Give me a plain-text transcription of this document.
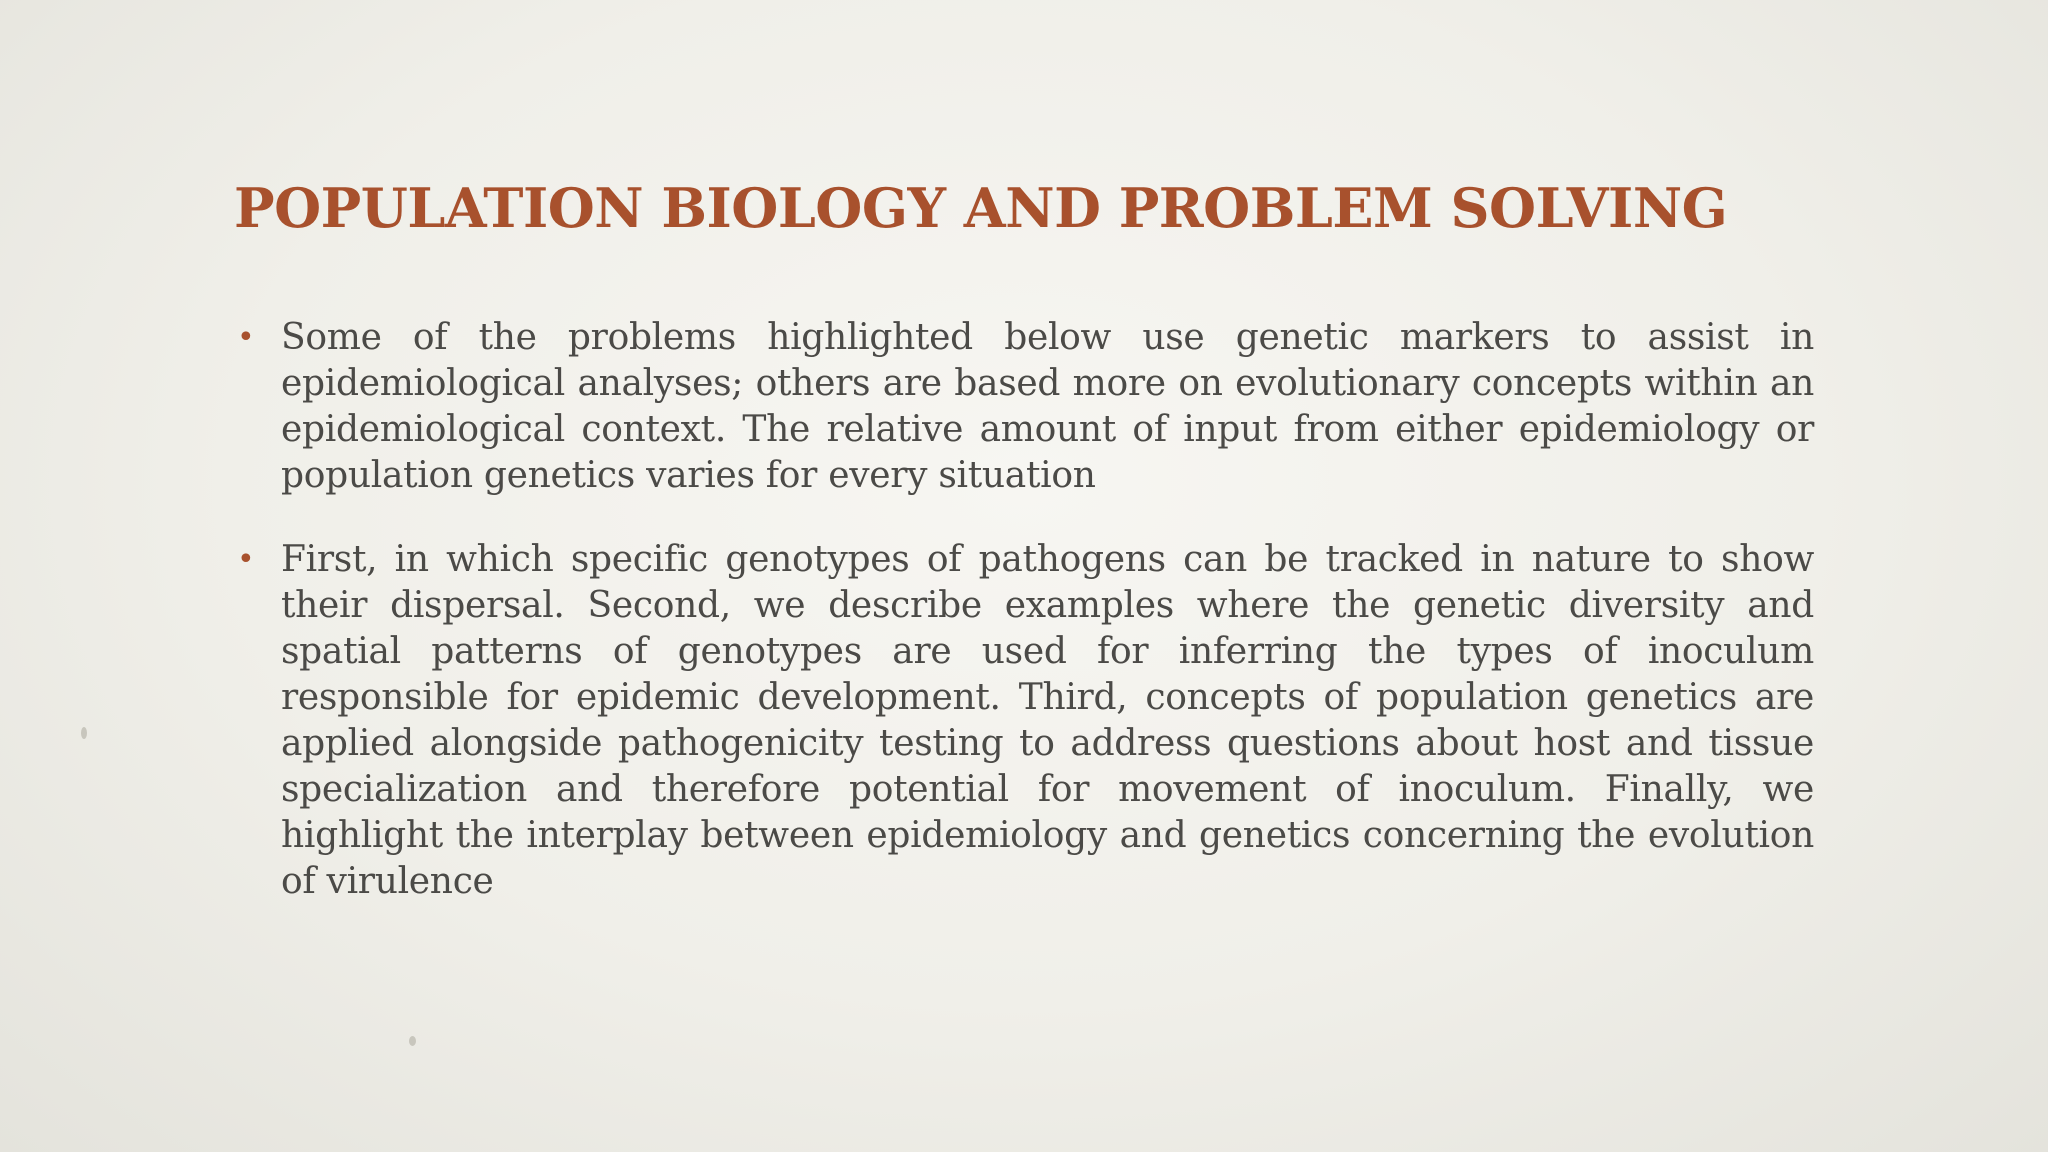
POPULATION BIOLOGY AND PROBLEM SOLVING
• Some of the problems highlighted below use genetic markers to assist in epidemiological analyses; others are based more on evolutionary concepts within an epidemiological context. The relative amount of input from either epidemiology or population genetics varies for every situation
• First, in which specific genotypes of pathogens can be tracked in nature to show their dispersal. Second, we describe examples where the genetic diversity and spatial patterns of genotypes are used for inferring the types of inoculum responsible for epidemic development. Third, concepts of population genetics are applied alongside pathogenicity testing to address questions about host and tissue specialization and therefore potential for movement of inoculum. Finally, we highlight the interplay between epidemiology and genetics concerning the evolution of virulence
